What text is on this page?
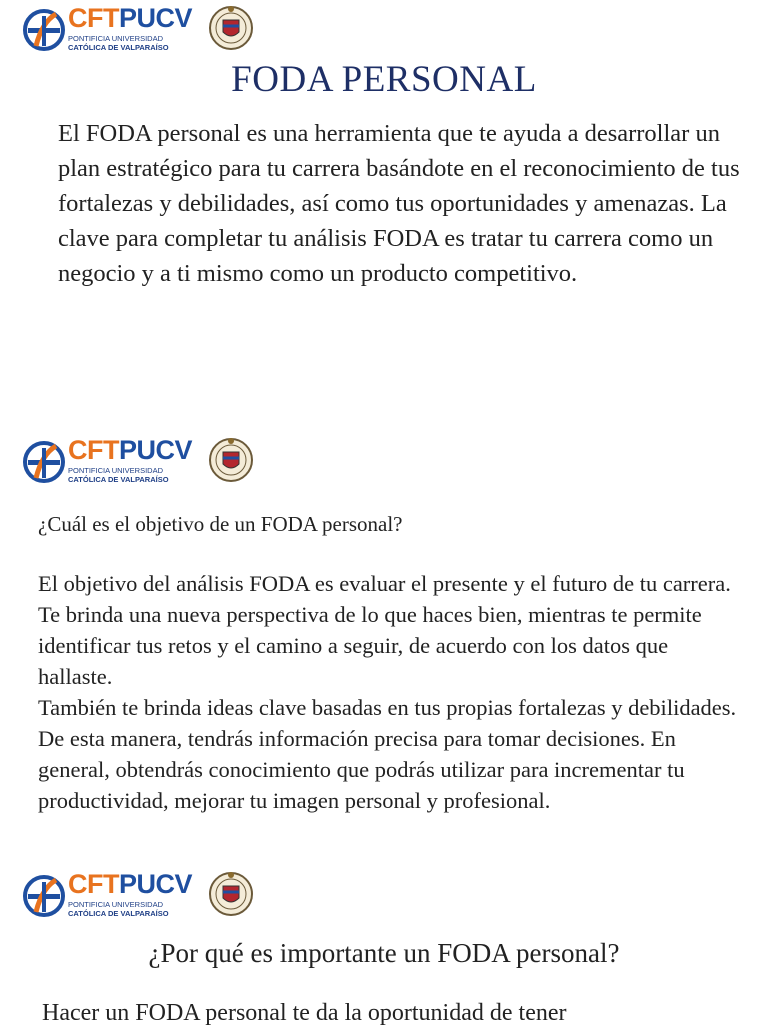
CFTPUCV
PONTIFICIA UNIVERSIDAD
CATÓLICA DE VALPARAÍSO
FODA PERSONAL
El FODA personal es una herramienta que te ayuda a desarrollar un plan estratégico para tu carrera basándote en el reconocimiento de tus fortalezas y debilidades, así como tus oportunidades y amenazas. La clave para completar tu análisis FODA es tratar tu carrera como un negocio y a ti mismo como un producto competitivo.
CFTPUCV
PONTIFICIA UNIVERSIDAD
CATÓLICA DE VALPARAÍSO
¿Cuál es el objetivo de un FODA personal?

El objetivo del análisis FODA es evaluar el presente y el futuro de tu carrera. Te brinda una nueva perspectiva de lo que haces bien, mientras te permite identificar tus retos y el camino a seguir, de acuerdo con los datos que hallaste.

También te brinda ideas clave basadas en tus propias fortalezas y debilidades. De esta manera, tendrás información precisa para tomar decisiones. En general, obtendrás conocimiento que podrás utilizar para incrementar tu productividad, mejorar tu imagen personal y profesional.

CFTPUCV
PONTIFICIA UNIVERSIDAD
CATÓLICA DE VALPARAÍSO
¿Por qué es importante un FODA personal?
Hacer un FODA personal te da la oportunidad de tener
